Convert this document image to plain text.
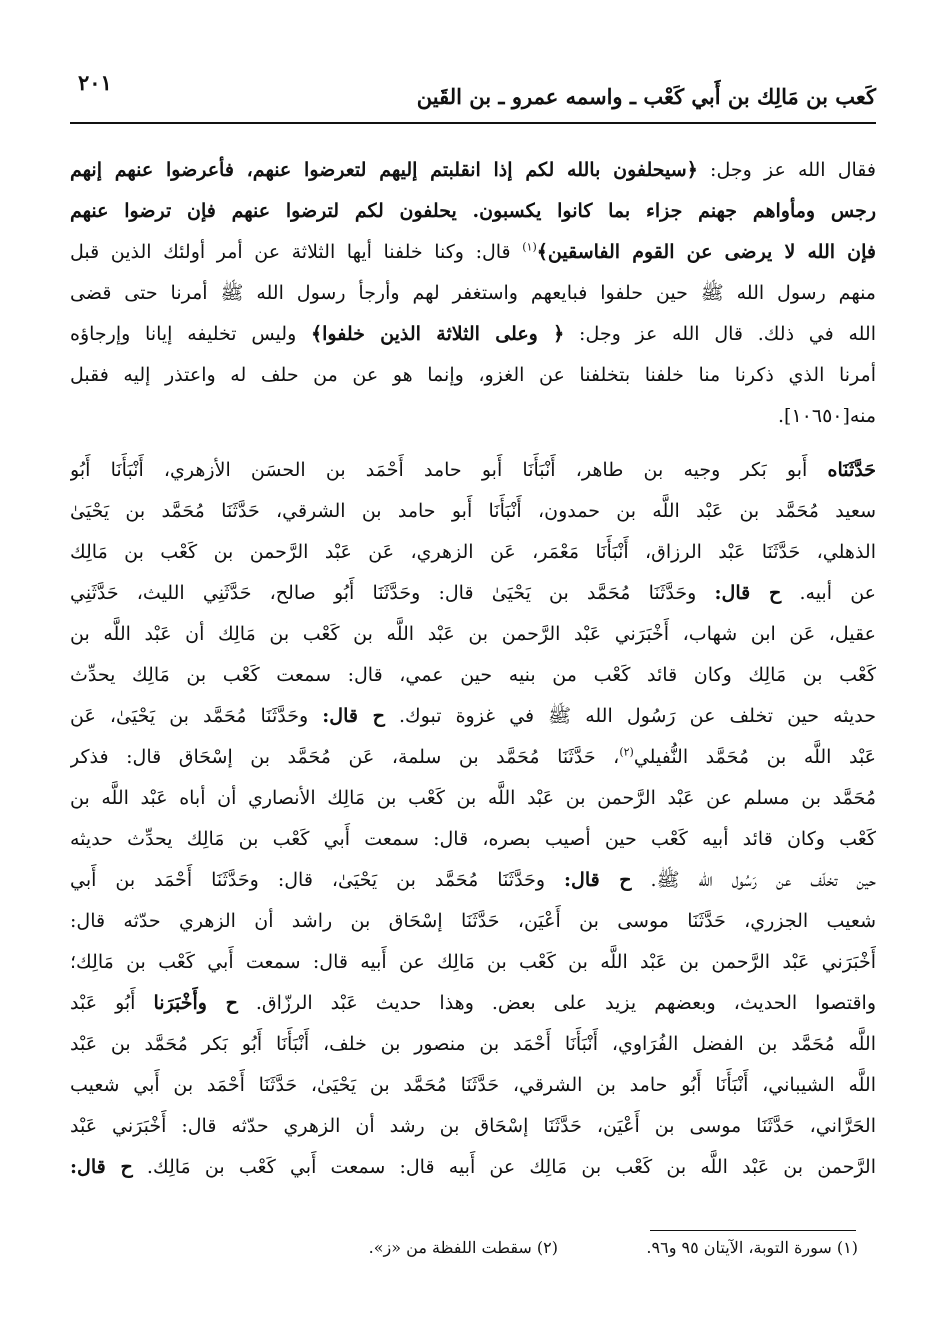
٢٠١
كَعب بن مَالِك بن أَبي كَعْب ـ واسمه عمرو ـ بن القَين
فقال الله عز وجل: ﴿سيحلفون بالله لكم إذا انقلبتم إليهم لتعرضوا عنهم، فأعرضوا عنهم إنهم
رجس ومأواهم جهنم جزاء بما كانوا يكسبون. يحلفون لكم لترضوا عنهم فإن ترضوا عنهم
فإن الله لا يرضى عن القوم الفاسقين﴾$^{(١)}$ قال: وكنا خلفنا أيها الثلاثة عن أمر أولئك الذين قبل
منهم رسول الله ﷺ حين حلفوا فبايعهم واستغفر لهم وأرجأ رسول الله ﷺ أمرنا حتى قضى
الله في ذلك. قال الله عز وجل: ﴿ وعلى الثلاثة الذين خلفوا﴾ وليس تخليفه إيانا وإرجاؤه
أمرنا الذي ذكرنا منا خلفنا بتخلفنا عن الغزو، وإنما هو عن من حلف له واعتذر إليه فقبل
منه[١٠٦٥٠].
حَدَّثَنَاه أَبو بَكر وجيه بن طاهر، أَنْبَأَنَا أَبو حامد أَحْمَد بن الحسَن الأزهري، أَنْبَأَنَا أَبُو
سعيد مُحَمَّد بن عَبْد اللَّه بن حمدون، أَنْبَأَنَا أَبو حامد بن الشرقي، حَدَّثَنَا مُحَمَّد بن يَحْيَىٰ
الذهلي، حَدَّثَنَا عَبْد الرزاق، أَنْبَأَنَا مَعْمَر، عَن الزهري، عَن عَبْد الرَّحمن بن كَعْب بن مَالِك
عن أبيه. ح قال: وحَدَّثَنَا مُحَمَّد بن يَحْيَىٰ قال: وحَدَّثَنَا أَبُو صالح، حَدَّثَنِي الليث، حَدَّثَنِي
عقيل، عَن ابن شهاب، أَخْبَرَني عَبْد الرَّحمن بن عَبْد اللَّه بن كَعْب بن مَالِك أن عَبْد اللَّه بن
كَعْب بن مَالِك وكان قائد كَعْب من بنيه حين عمي، قال: سمعت كَعْب بن مَالِك يحدِّث
حديثه حين تخلف عن رَسُول الله ﷺ في غزوة تبوك. ح قال: وحَدَّثَنَا مُحَمَّد بن يَحْيَىٰ، عَن
عَبْد اللَّه بن مُحَمَّد النُّفيلي$^{(٢)}$، حَدَّثَنَا مُحَمَّد بن سلمة، عَن مُحَمَّد بن إسْحَاق قال: فذكر
مُحَمَّد بن مسلم عن عَبْد الرَّحمن بن عَبْد اللَّه بن كَعْب بن مَالِك الأنصاري أن أباه عَبْد اللَّه بن
كَعْب وكان قائد أبيه كَعْب حين أصيب بصره، قال: سمعت أَبي كَعْب بن مَالِك يحدِّث حديثه
حين تخلّف عن رَسُول الله ﷺ. ح قال: وحَدَّثَنَا مُحَمَّد بن يَحْيَىٰ، قال: وحَدَّثَنَا أَحْمَد بن أَبي
شعيب الجزري، حَدَّثَنَا موسى بن أَعْيَن، حَدَّثَنَا إسْحَاق بن راشد أن الزهري حدّثه قال:
أَخْبَرَني عَبْد الرَّحمن بن عَبْد اللَّه بن كَعْب بن مَالِك عن أَبيه قال: سمعت أَبي كَعْب بن مَالِك؛
واقتصوا الحديث، وبعضهم يزيد على بعض. وهذا حديث عَبْد الرزّاق. ح وأَخْبَرَنا أَبُو عَبْد
اللَّه مُحَمَّد بن الفضل الفُرَاوي، أَنْبَأَنَا أَحْمَد بن منصور بن خلف، أَنْبَأَنَا أَبُو بَكر مُحَمَّد بن عَبْد
اللَّه الشيباني، أَنْبَأَنَا أَبُو حامد بن الشرقي، حَدَّثَنَا مُحَمَّد بن يَحْيَىٰ، حَدَّثَنَا أَحْمَد بن أَبي شعيب
الحَرَّاني، حَدَّثَنَا موسى بن أَعْيَن، حَدَّثَنَا إسْحَاق بن رشد أن الزهري حدّثه قال: أَخْبَرَني عَبْد
الرَّحمن بن عَبْد اللَّه بن كَعْب بن مَالِك عن أَبيه قال: سمعت أَبي كَعْب بن مَالِك. ح قال:
(١) سورة التوبة، الآيتان ٩٥ و٩٦.
(٢) سقطت اللفظة من «ز».
